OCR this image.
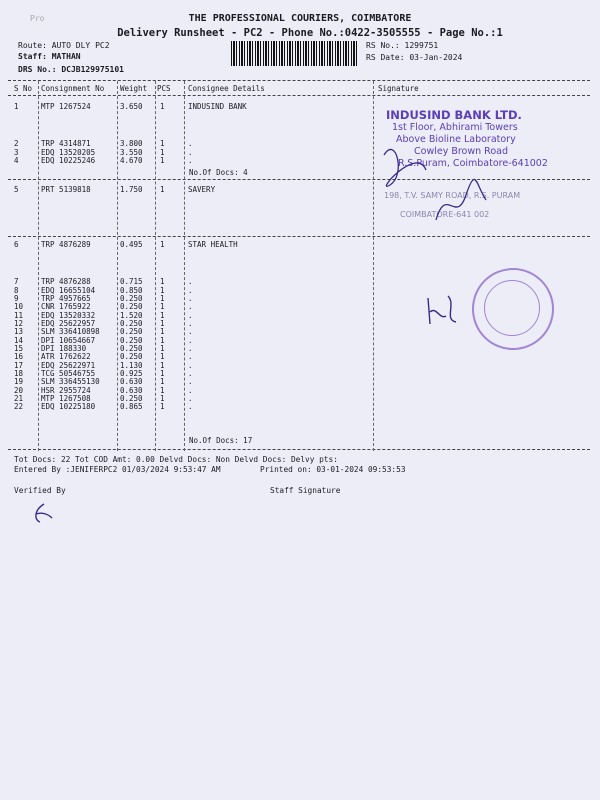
Pro	THE PROFESSIONAL COURIERS, COIMBATORE
Delivery Runsheet - PC2 - Phone No.:0422-3505555 - Page No.:1
Route: AUTO DLY PC2
Staff: MATHAN
DRS No.: DCJB129975101
RS No.: 1299751
RS Date: 03-Jan-2024
S No Consignment No Weight PCS Consignee Details	Signature
1	MTP 1267524	3.650 1	INDUSIND BANK
2	TRP 4314871	3.800 1	.
3	EDQ 13520205	3.550 1	.
4	EDQ 10225246	4.670 1	.
5	PRT 5139818	1.750 1	SAVERY
6	TRP 4876289	0.495 1	STAR HEALTH
7	TRP 4876288	0.715 1	.
8	EDQ 16655104	0.850 1	.
9	TRP 4957665	0.250 1	.
10 CNR 1765922	0.250 1	.
11 EDQ 13520332	1.520 1	.
12 EDQ 25622957	0.250 1	.
13 SLM 336410898	0.250 1	.
14 DPI 10654667	0.250 1	.
15 DPI 188330	0.250 1	.
16 ATR 1762622	0.250 1	.
17 EDQ 25622971	1.130 1	.
18 TCG 50546755	0.925 1	.
19 SLM 336455130	0.630 1	.
20 HSR 2955724	0.630 1	.
21 MTP 1267508	0.250 1	.
22 EDQ 10225180	0.865 1	.
No.Of Docs: 4
No.Of Docs: 17
INDUSIND BANK LTD.
1st Floor, Abhirami Towers
Above Bioline Laboratory
Cowley Brown Road
R.S.Puram, Coimbatore-641002
198, T.V. SAMY ROAD, R.S. PURAM
COIMBATORE-641 002
Tot Docs: 22 Tot COD Amt: 0.00 Delvd Docs: Non Delvd Docs: Delvy pts:
Entered By :JENIFERPC2 01/03/2024 9:53:47 AM	Printed on: 03-01-2024 09:53:53
Verified By	Staff Signature
